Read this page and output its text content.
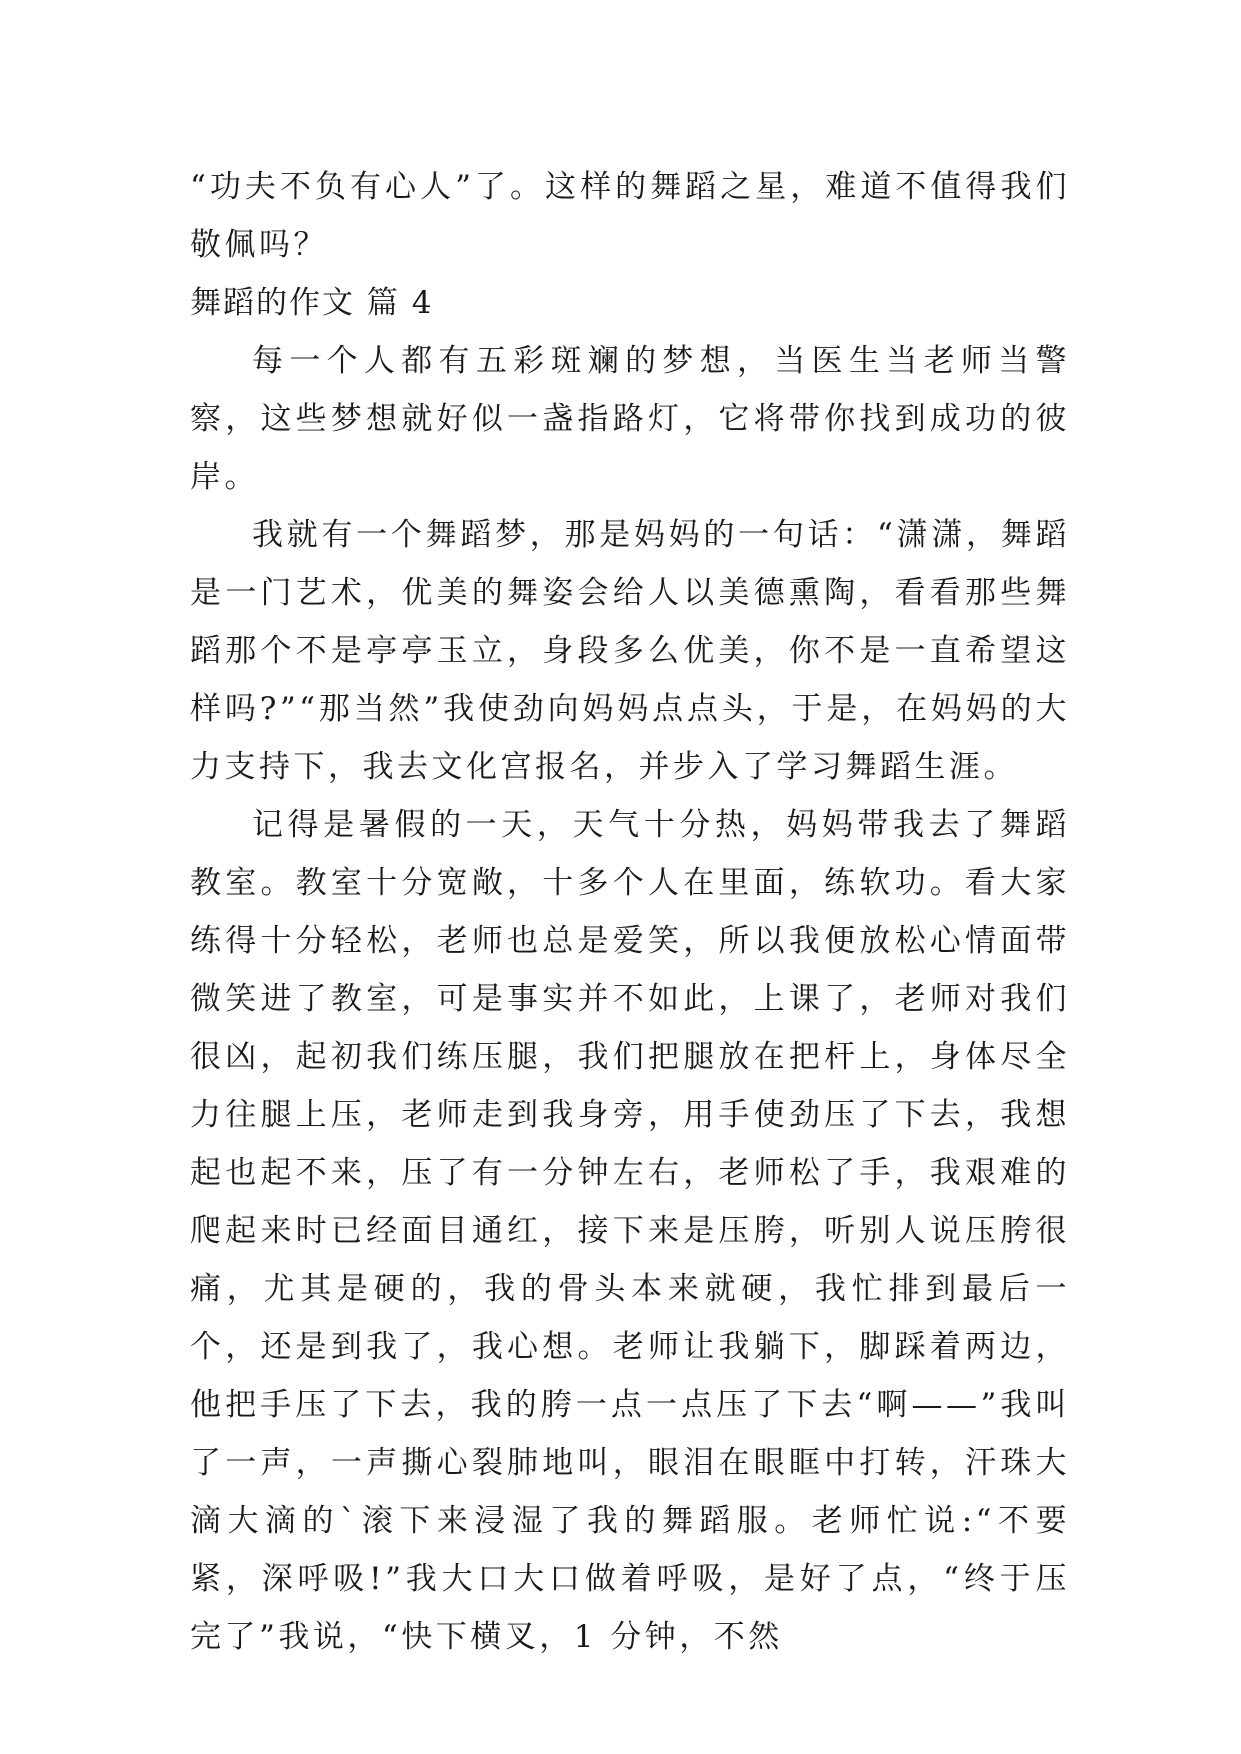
“功夫不负有心人”了。这样的舞蹈之星，难道不值得我们敬佩吗？

舞蹈的作文 篇 4

每一个人都有五彩斑斓的梦想，当医生当老师当警察，这些梦想就好似一盏指路灯，它将带你找到成功的彼岸。

我就有一个舞蹈梦，那是妈妈的一句话：“潇潇，舞蹈是一门艺术，优美的舞姿会给人以美德熏陶，看看那些舞蹈那个不是亭亭玉立，身段多么优美，你不是一直希望这样吗?”“那当然”我使劲向妈妈点点头，于是，在妈妈的大力支持下，我去文化宫报名，并步入了学习舞蹈生涯。

记得是暑假的一天，天气十分热，妈妈带我去了舞蹈教室。教室十分宽敞，十多个人在里面，练软功。看大家练得十分轻松，老师也总是爱笑，所以我便放松心情面带微笑进了教室，可是事实并不如此，上课了，老师对我们很凶，起初我们练压腿，我们把腿放在把杆上，身体尽全力往腿上压，老师走到我身旁，用手使劲压了下去，我想起也起不来，压了有一分钟左右，老师松了手，我艰难的爬起来时已经面目通红，接下来是压胯，听别人说压胯很痛，尤其是硬的，我的骨头本来就硬，我忙排到最后一个，还是到我了，我心想。老师让我躺下，脚踩着两边，他把手压了下去，我的胯一点一点压了下去“啊——”我叫了一声，一声撕心裂肺地叫，眼泪在眼眶中打转，汗珠大滴大滴的`滚下来浸湿了我的舞蹈服。老师忙说:“不要紧，深呼吸!”我大口大口做着呼吸，是好了点，“终于压完了”我说，“快下横叉，1 分钟，不然
